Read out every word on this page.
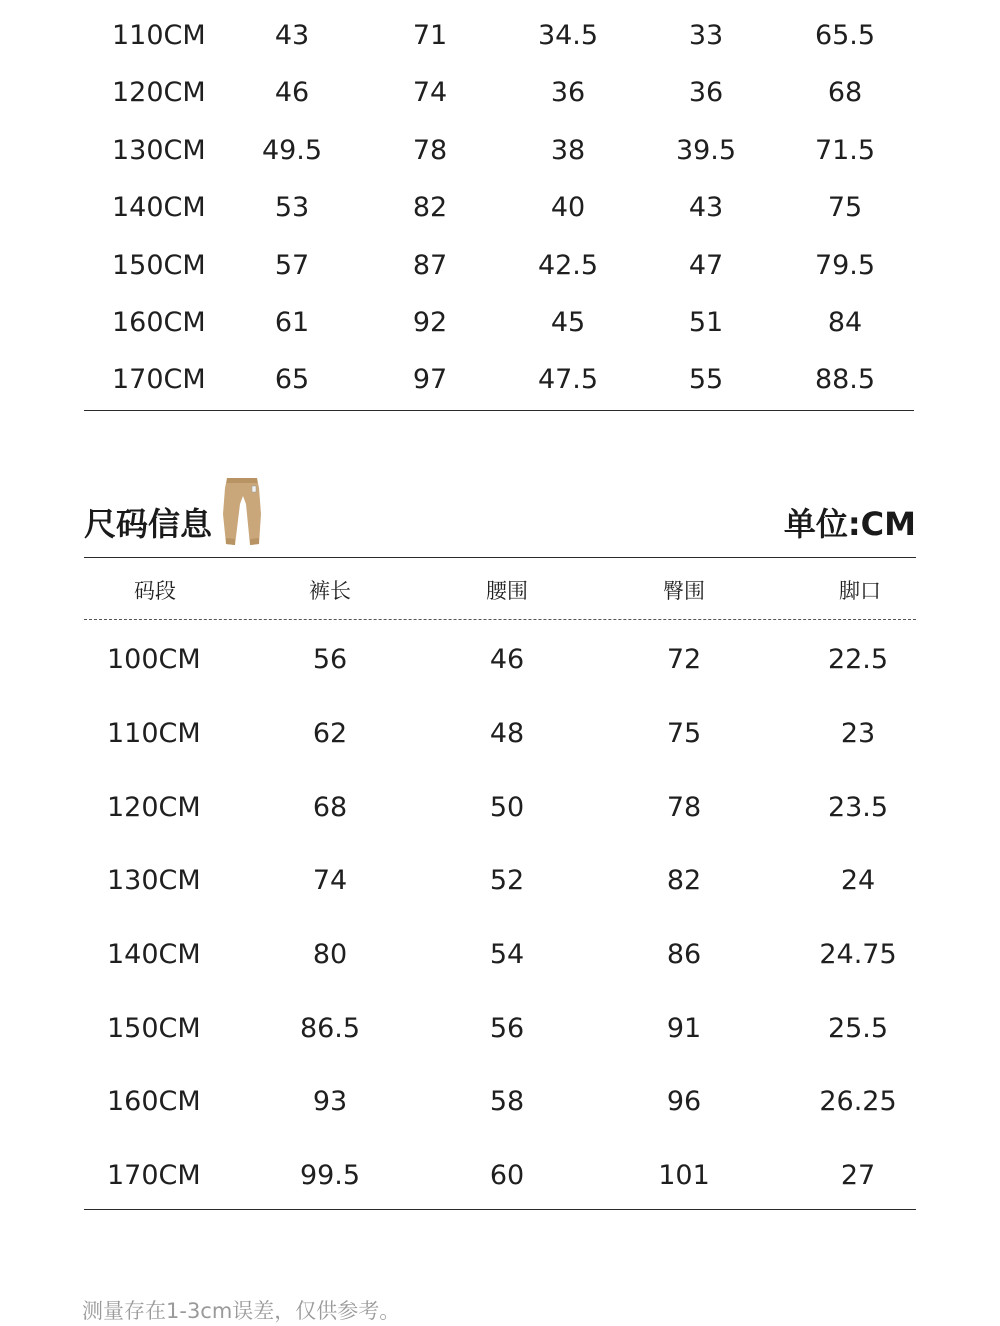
110CM	43	71	34.5	33	65.5
120CM	46	74	36	36	68
130CM	49.5	78	38	39.5	71.5
140CM	53	82	40	43	75
150CM	57	87	42.5	47	79.5
160CM	61	92	45	51	84
170CM	65	97	47.5	55	88.5
尺码信息	单位:CM
码段	裤长	腰围	臀围	脚口
100CM	56	46	72	22.5
110CM	62	48	75	23
120CM	68	50	78	23.5
130CM	74	52	82	24
140CM	80	54	86	24.75
150CM	86.5	56	91	25.5
160CM	93	58	96	26.25
170CM	99.5	60	101	27
测量存在1-3cm误差，仅供参考。
